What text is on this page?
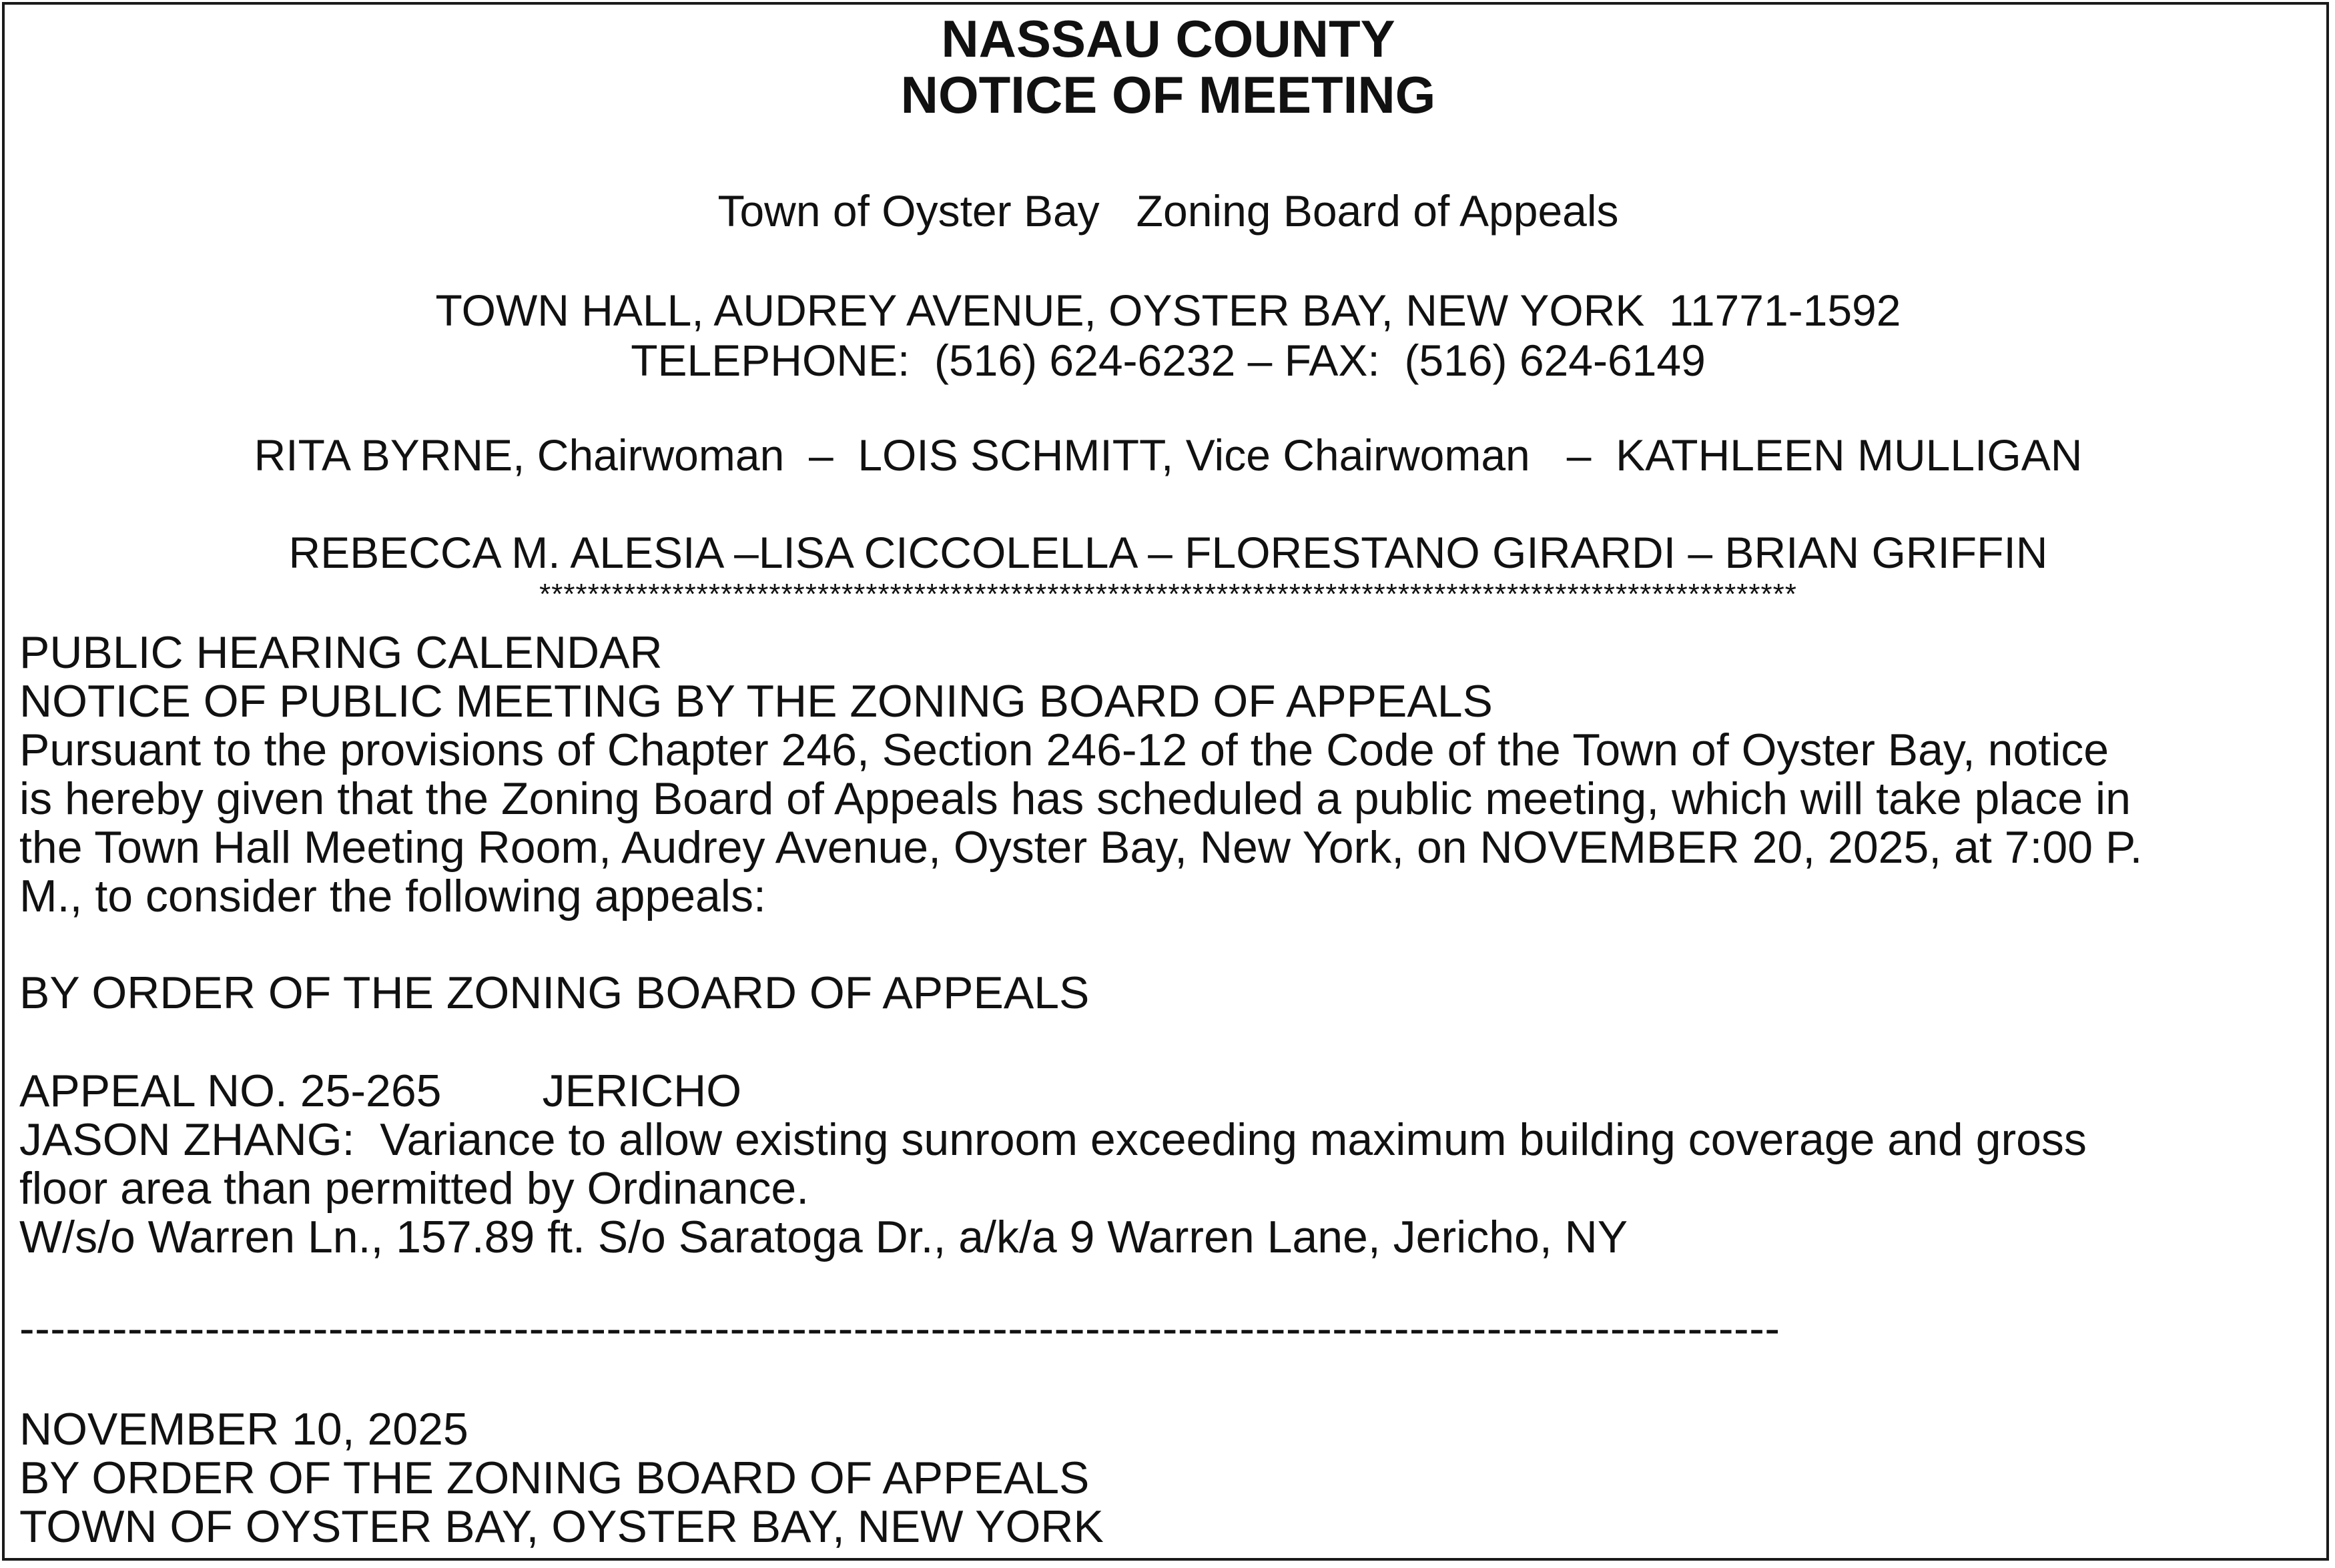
NASSAU COUNTY
NOTICE OF MEETING
Town of Oyster Bay   Zoning Board of Appeals
TOWN HALL, AUDREY AVENUE, OYSTER BAY, NEW YORK  11771-1592
TELEPHONE:  (516) 624-6232 – FAX:  (516) 624-6149
RITA BYRNE, Chairwoman  –  LOIS SCHMITT, Vice Chairwoman   –  KATHLEEN MULLIGAN
REBECCA M. ALESIA –LISA CICCOLELLA – FLORESTANO GIRARDI – BRIAN GRIFFIN
********************************************************************************************************
PUBLIC HEARING CALENDAR
NOTICE OF PUBLIC MEETING BY THE ZONING BOARD OF APPEALS
Pursuant to the provisions of Chapter 246, Section 246-12 of the Code of the Town of Oyster Bay, notice
is hereby given that the Zoning Board of Appeals has scheduled a public meeting, which will take place in
the Town Hall Meeting Room, Audrey Avenue, Oyster Bay, New York, on NOVEMBER 20, 2025, at 7:00 P.
M., to consider the following appeals:
BY ORDER OF THE ZONING BOARD OF APPEALS
APPEAL NO. 25-265        JERICHO
JASON ZHANG:  Variance to allow existing sunroom exceeding maximum building coverage and gross
floor area than permitted by Ordinance.
W/s/o Warren Ln., 157.89 ft. S/o Saratoga Dr., a/k/a 9 Warren Lane, Jericho, NY
------------------------------------------------------------------------------------------------------------------
NOVEMBER 10, 2025
BY ORDER OF THE ZONING BOARD OF APPEALS
TOWN OF OYSTER BAY, OYSTER BAY, NEW YORK
